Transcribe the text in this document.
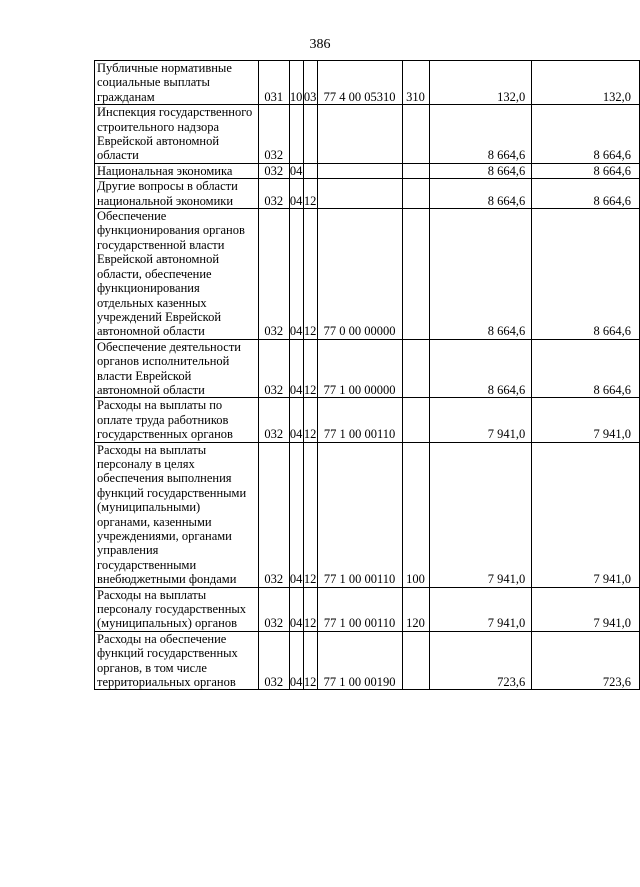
386
Публичные нормативные социальные выплаты гражданам	031	10	03	77 4 00 05310	310	132,0	132,0
Инспекция государственного строительного надзора Еврейской автономной области	032					8 664,6	8 664,6
Национальная экономика	032	04				8 664,6	8 664,6
Другие вопросы в области национальной экономики	032	04	12			8 664,6	8 664,6
Обеспечение функционирования органов государственной власти Еврейской автономной области, обеспечение функционирования отдельных казенных учреждений Еврейской автономной области	032	04	12	77 0 00 00000		8 664,6	8 664,6
Обеспечение деятельности органов исполнительной власти Еврейской автономной области	032	04	12	77 1 00 00000		8 664,6	8 664,6
Расходы на выплаты по оплате труда работников государственных органов	032	04	12	77 1 00 00110		7 941,0	7 941,0
Расходы на выплаты персоналу в целях обеспечения выполнения функций государственными (муниципальными) органами, казенными учреждениями, органами управления государственными внебюджетными фондами	032	04	12	77 1 00 00110	100	7 941,0	7 941,0
Расходы на выплаты персоналу государственных (муниципальных) органов	032	04	12	77 1 00 00110	120	7 941,0	7 941,0
Расходы на обеспечение функций государственных органов, в том числе территориальных органов	032	04	12	77 1 00 00190		723,6	723,6
